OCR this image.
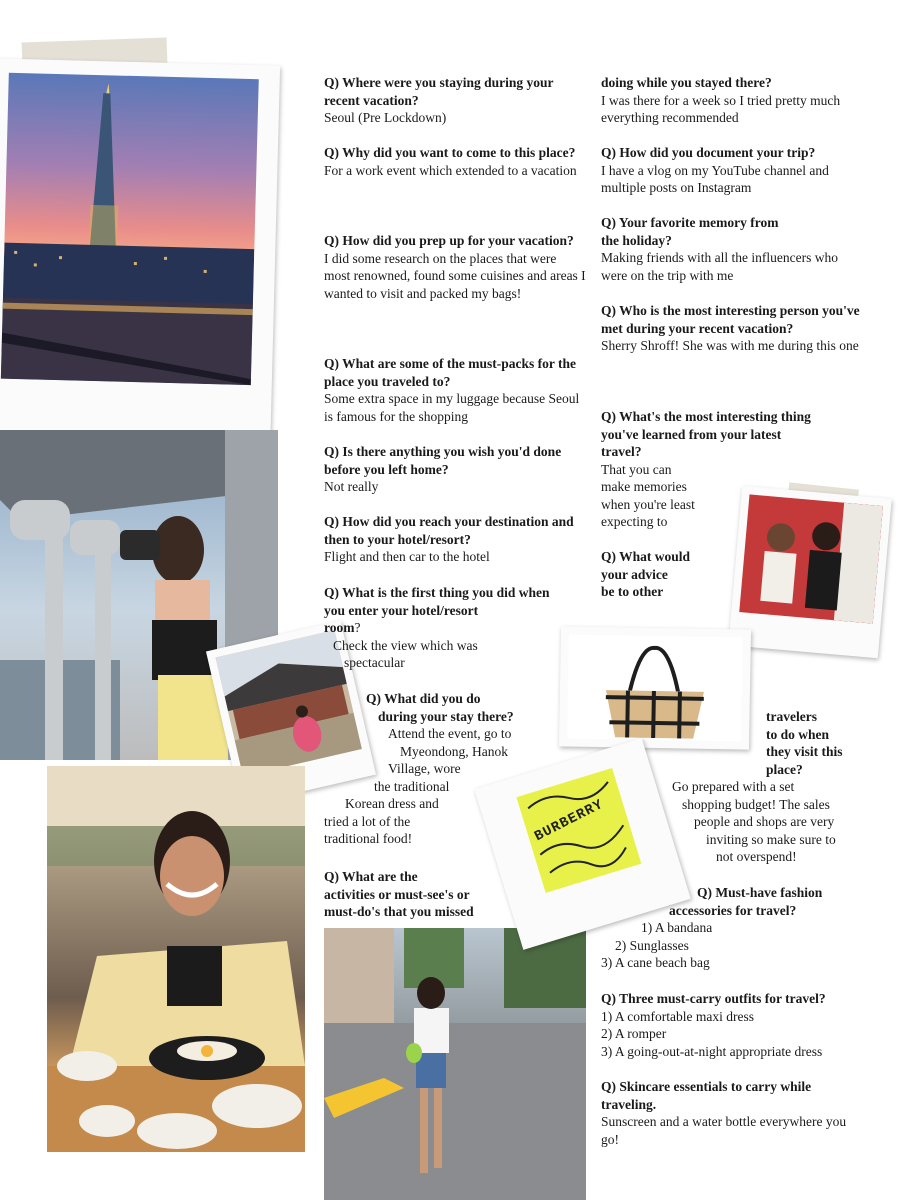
BURBERRY
Q) Where were you staying during your recent vacation?
Seoul (Pre Lockdown)
Q) Why did you want to come to this place?
For a work event which extended to a vacation
Q) How did you prep up for your vacation?
I did some research on the places that were most renowned, found some cuisines and areas I wanted to visit and packed my bags!
Q) What are some of the must-packs for the place you traveled to?
Some extra space in my luggage because Seoul is famous for the shopping
Q) Is there anything you wish you'd done before you left home?
Not really
Q) How did you reach your destination and then to your hotel/resort?
Flight and then car to the hotel
Q) What is the first thing you did when
you enter your hotel/resort
room?
Check the view which was
spectacular
Q) What did you do
during your stay there?
Attend the event, go to
Myeondong, Hanok
Village, wore
the traditional
Korean dress and
tried a lot of the
traditional food!
Q) What are the
activities or must-see's or
must-do's that you missed
doing while you stayed there?
I was there for a week so I tried pretty much everything recommended
Q) How did you document your trip?
I have a vlog on my YouTube channel and multiple posts on Instagram
Q) Your favorite memory from
the holiday?
Making friends with all the influencers who were on the trip with me
Q) Who is the most interesting person you've met during your recent vacation?
Sherry Shroff! She was with me during this one
Q) What's the most interesting thing
you've learned from your latest
travel?
That you can
make memories
when you're least
expecting to
Q) What would
your advice
be to other
travelers
to do when
they visit this
place?
Go prepared with a set
shopping budget! The sales
people and shops are very
inviting so make sure to
not overspend!
Q) Must-have fashion
accessories for travel?
1) A bandana
2) Sunglasses
3) A cane beach bag
Q) Three must-carry outfits for travel?
1) A comfortable maxi dress
2) A romper
3) A going-out-at-night appropriate dress
Q) Skincare essentials to carry while traveling.
Sunscreen and a water bottle everywhere you go!
